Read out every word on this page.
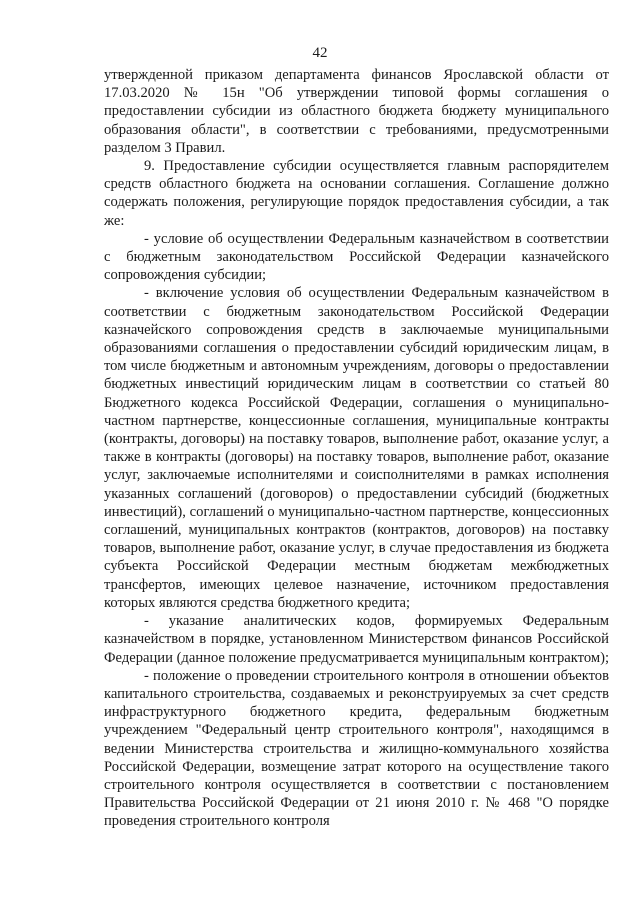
42

утвержденной приказом департамента финансов Ярославской области от 17.03.2020 № 15н "Об утверждении типовой формы соглашения о предоставлении субсидии из областного бюджета бюджету муниципального образования области", в соответствии с требованиями, предусмотренными разделом 3 Правил.

9. Предоставление субсидии осуществляется главным распорядителем средств областного бюджета на основании соглашения. Соглашение должно содержать положения, регулирующие порядок предоставления субсидии, а так же:

- условие об осуществлении Федеральным казначейством в соответствии с бюджетным законодательством Российской Федерации казначейского сопровождения субсидии;

- включение условия об осуществлении Федеральным казначейством в соответствии с бюджетным законодательством Российской Федерации казначейского сопровождения средств в заключаемые муниципальными образованиями соглашения о предоставлении субсидий юридическим лицам, в том числе бюджетным и автономным учреждениям, договоры о предоставлении бюджетных инвестиций юридическим лицам в соответствии со статьей 80 Бюджетного кодекса Российской Федерации, соглашения о муниципально-частном партнерстве, концессионные соглашения, муниципальные контракты (контракты, договоры) на поставку товаров, выполнение работ, оказание услуг, а также в контракты (договоры) на поставку товаров, выполнение работ, оказание услуг, заключаемые исполнителями и соисполнителями в рамках исполнения указанных соглашений (договоров) о предоставлении субсидий (бюджетных инвестиций), соглашений о муниципально-частном партнерстве, концессионных соглашений, муниципальных контрактов (контрактов, договоров) на поставку товаров, выполнение работ, оказание услуг, в случае предоставления из бюджета субъекта Российской Федерации местным бюджетам межбюджетных трансфертов, имеющих целевое назначение, источником предоставления которых являются средства бюджетного кредита;

- указание аналитических кодов, формируемых Федеральным казначейством в порядке, установленном Министерством финансов Российской Федерации (данное положение предусматривается муниципальным контрактом);

- положение о проведении строительного контроля в отношении объектов капитального строительства, создаваемых и реконструируемых за счет средств инфраструктурного бюджетного кредита, федеральным бюджетным учреждением "Федеральный центр строительного контроля", находящимся в ведении Министерства строительства и жилищно-коммунального хозяйства Российской Федерации, возмещение затрат которого на осуществление такого строительного контроля осуществляется в соответствии с постановлением Правительства Российской Федерации от 21 июня 2010 г. № 468 "О порядке проведения строительного контроля
